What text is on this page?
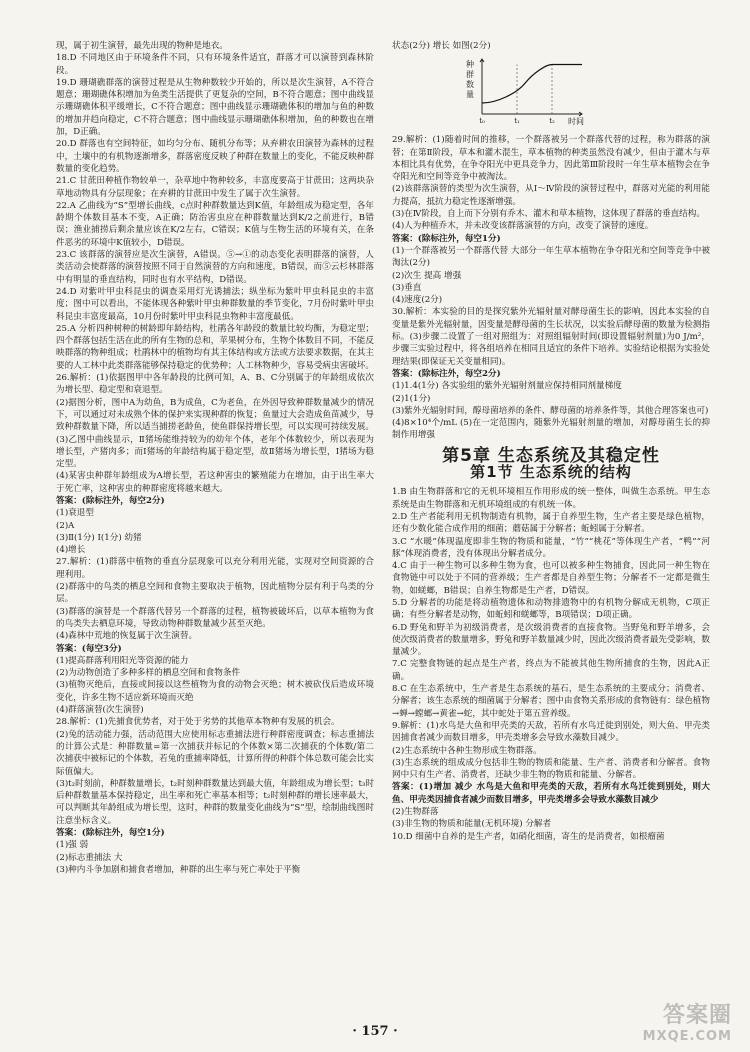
现，属于初生演替，最先出现的物种是地衣。

18.D 不同地区由于环境条件不同，只有环境条件适宜，群落才可以演替到森林阶段。

19.D 珊瑚礁群落的演替过程是从生物种数较少开始的，所以是次生演替，A不符合题意；珊瑚礁体积增加为鱼类生活提供了更复杂的空间，B不符合题意；图中曲线显示珊瑚礁体积平缓增长，C不符合题意；图中曲线显示珊瑚礁体积的增加与鱼的种数的增加并趋向稳定，C不符合题意；图中曲线显示珊瑚礁体积增加，鱼的种数也在增加，D正确。

20.D 群落也有空间特征，如均匀分布、随机分布等；从弃耕农田演替为森林的过程中，土壤中的有机物逐渐增多，群落密度反映了种群在数量上的变化，不能反映种群数量的变化趋势。

21.C 甘蔗田种植作物较单一，杂草地中物种较多，丰富度要高于甘蔗田；这两块杂草地动物具有分层现象；在弃耕的甘蔗田中发生了属于次生演替。

22.A 乙曲线为“S”型增长曲线，c点时种群数量达到K值，年龄组成为稳定型，各年龄期个体数目基本不变，A正确；防治害虫应在种群数量达到K/2之前进行，B错误；渔业捕捞后剩余量应该在K/2左右，C错误；K值与生物生活的环境有关，在条件恶劣的环境中K值较小，D错误。

23.C 该群落的演替应是次生演替，A错误。⑤→①的动态变化表明群落的演替，人类活动会使群落的演替按照不同于自然演替的方向和速度，B错误，而⑤云杉林群落中有明显的垂直结构，同时也有水平结构，D错误。

24.D 对紫叶甲虫科昆虫的调查采用灯光诱捕法；纵坐标为紫叶甲虫科昆虫的丰富度；图中可以看出，不能体现各种紫叶甲虫种群数量的季节变化，7月份时紫叶甲虫科昆虫丰富度最高，10月份时紫叶甲虫科昆虫物种丰富度最低。

25.A 分析四种树种的树龄即年龄结构，杜鹃各年龄段的数量比较均衡，为稳定型；四个群落包括生活在此的所有生物的总和，苹果树分布，生物个体数目不同，不能反映群落的物种组成；杜鹃林中的植物均有其主体结构或方法或方法要求数据，在其主要的人工林中此类群落能够保持稳定的优势种；人工林物种少，容易受病虫害破坏。

26.解析：(1)依据图甲中各年龄段的比例可知，A、B、C分别属于的年龄组成依次为增长型、稳定型和衰退型。

(2)据图分析，图中A为幼鱼，B为成鱼，C为老鱼，在外因导致种群数量减少的情况下，可以通过对未成熟个体的保护来实现种群的恢复；鱼量过大会造成鱼苗减少，导致种群数量下降，所以适当捕捞老龄鱼，使鱼群保持增长型，可以实现可持续发展。

(3)乙图中曲线显示，Ⅱ猪场能维持较为的幼年个体，老年个体数较少，所以表现为增长型，产猪肉多；而Ⅰ猪场的年龄结构属于稳定型，故Ⅱ猪场为增长型，Ⅰ猪场为稳定型。

(4)某害虫种群年龄组成为A增长型，若这种害虫的繁殖能力在增加，由于出生率大于死亡率，这种害虫的种群密度将越来越大。

答案：(除标注外，每空2分)

(1)衰退型

(2)A

(3)Ⅱ(1分) Ⅰ(1分) 幼猪

(4)增长

27.解析：(1)群落中植物的垂直分层现象可以充分利用光能，实现对空间资源的合理利用。

(2)群落中的鸟类的栖息空间和食物主要取决于植物，因此植物分层有利于鸟类的分层。

(3)群落的演替是一个群落代替另一个群落的过程，植物被破坏后，以草本植物为食的鸟类失去栖息环境，导致动物种群数量减少甚至灭绝。

(4)森林中荒地的恢复属于次生演替。

答案：(每空3分)

(1)提高群落利用阳光等资源的能力

(2)为动物创造了多种多样的栖息空间和食物条件

(3)植物灭绝后，直接或间接以这些植物为食的动物会灭绝；树木被砍伐后造成环境变化，许多生物不适应新环境而灭绝

(4)群落演替(次生演替)

28.解析：(1)先捕食优势者，对于处于劣势的其他草本物种有发展的机会。

(2)兔的活动能力强，活动范围大应使用标志重捕法进行种群密度调查；标志重捕法的计算公式是：种群数量=第一次捕获并标记的个体数×第二次捕获的个体数/第二次捕获中被标记的个体数，若兔的重捕率降低，计算所得的种群个体总数可能会比实际值偏大。

(3)t₂时刻前，种群数量增长，t₂时刻种群数量达到最大值，年龄组成为增长型；t₃时后种群数量基本保持稳定，出生率和死亡率基本相等；t₂时刻种群的增长速率最大，可以判断其年龄组成为增长型，这时，种群的数量变化曲线为“S”型，绘制曲线图时注意坐标含义。

答案：(除标注外，每空1分)

(1)强 弱

(2)标志重捕法 大

(3)种内斗争加剧和捕食者增加，种群的出生率与死亡率处于平衡

状态(2分) 增长 如图(2分)

种
群
数
量
时间
t₀	t₁	t₂

29.解析：(1)随着时间的推移，一个群落被另一个群落代替的过程，称为群落的演替；在第Ⅱ阶段，草本和灌木混生，草本植物的种类虽然没有减少，但由于灌木与草本相比具有优势，在争夺阳光中更具竞争力，因此第Ⅲ阶段时一年生草本植物会在争夺阳光和空间等竞争中被淘汰。

(2)该群落演替的类型为次生演替，从Ⅰ～Ⅳ阶段的演替过程中，群落对光能的利用能力提高，抵抗力稳定性逐渐增强。

(3)在Ⅳ阶段，自上而下分别有乔木、灌木和草本植物，这体现了群落的垂直结构。

(4)人为种植乔木，并未改变该群落演替的方向，改变了演替的速度。

答案：(除标注外，每空1分)

(1)一个群落被另一个群落代替 大部分一年生草本植物在争夺阳光和空间等竞争中被淘汰(2分)

(2)次生 提高 增强

(3)垂直

(4)速度(2分)

30.解析：本实验的目的是探究紫外光辐射量对酵母菌生长的影响，因此本实验的自变量是紫外光辐射量，因变量是酵母菌的生长状况，以实验后酵母菌的数量为检测指标。(3)步骤二设置了一组对照组为：对照组辐射时间(即设置辐射剂量)为0 J/m²，步骤三实验过程中，将各组培养在相同且适宜的条件下培养。实验结论根据为实验处理结果(即保证无关变量相同)。

答案：(除标注外，每空2分)

(1)1.4(1分) 各实验组的紫外光辐射剂量应保持相同剂量梯度

(2)1(1分)

(3)紫外光辐射时间，醇母菌培养的条件、酵母菌的培养条件等，其他合理答案也可)

(4)8×10⁴个/mL (5)在一定范围内，随紫外光辐射剂量的增加，对醇母菌生长的抑制作用增强

第5章 生态系统及其稳定性
第1节 生态系统的结构

1.B 由生物群落和它的无机环境相互作用形成的统一整体，叫做生态系统。甲生态系统是由生物群落和无机环境组成的有机统一体。

2.D 生产者能利用无机物制造有机物，属于自养型生物，生产者主要是绿色植物，还有少数化能合成作用的细菌；蘑菇属于分解者；蚯蚓属于分解者。

3.C “水暖”体现温度即非生物的物质和能量，“竹”“桃花”等体现生产者，“鸭”“河豚”体现消费者，没有体现出分解者成分。

4.C 由于一种生物可以多种生物为食，也可以被多种生物捕食，因此同一种生物在食物链中可以处于不同的营养级；生产者都是自养型生物；分解者不一定都是微生物，如蜣螂，B错误；自养生物都是生产者，D错误。

5.D 分解者的功能是将动植物遗体和动物排遗物中的有机物分解成无机物，C项正确；有些分解者是动物，如蚯蚓和蜣螂等，B项错误；D项正确。

6.D 野兔和野羊为初级消费者，是次级消费者的直接食物。当野兔和野羊增多，会使次级消费者的数量增多，野兔和野羊数量减少时，因此次级消费者最先受影响，数量减少。

7.C 完整食物链的起点是生产者，终点为不能被其他生物所捕食的生物，因此A正确。

8.C 在生态系统中，生产者是生态系统的基石，是生态系统的主要成分；消费者、分解者；该生态系统的细菌属于分解者；图中由食物关系形成的食物链有：绿色植物→蝉→螳螂→黄雀→蛇，其中蛇处于第五营养级。

9.解析：(1)水鸟是大鱼和甲壳类的天敌，若所有水鸟迁徙到别处，则大鱼、甲壳类因捕食者减少而数目增多，甲壳类增多会导致水藻数目减少。

(2)生态系统中各种生物形成生物群落。

(3)生态系统的组成成分包括非生物的物质和能量、生产者、消费者和分解者。食物网中只有生产者、消费者，还缺少非生物的物质和能量、分解者。

答案：(1)增加 减少 水鸟是大鱼和甲壳类的天敌，若所有水鸟迁徙到别处，则大鱼、甲壳类因捕食者减少而数目增多，甲壳类增多会导致水藻数目减少

(2)生物群落

(3)非生物的物质和能量(无机环境) 分解者

10.D 细菌中自养的是生产者，如硝化细菌，寄生的是消费者，如根瘤菌

· 157 ·
答案圈
MXQE.COM
